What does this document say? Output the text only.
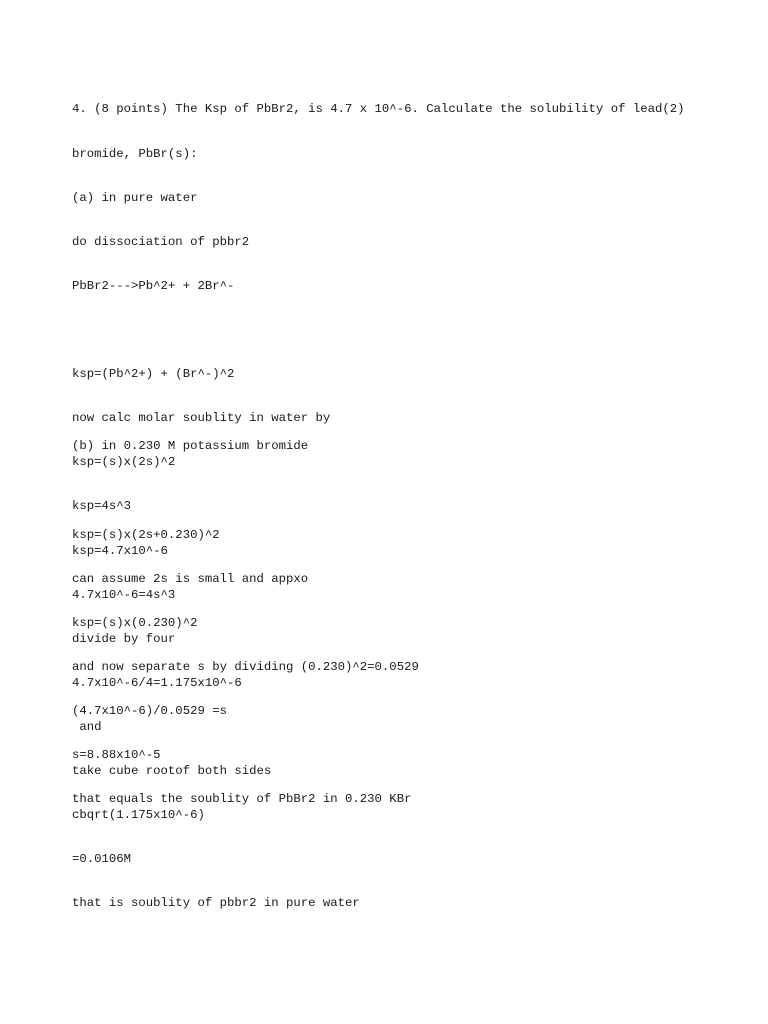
4. (8 points) The Ksp of PbBr2, is 4.7 x 10^-6. Calculate the solubility of lead(2)

bromide, PbBr(s):

(a) in pure water

do dissociation of pbbr2

PbBr2--->Pb^2+ + 2Br^-

ksp=(Pb^2+) + (Br^-)^2

now calc molar soublity in water by

ksp=(s)x(2s)^2

ksp=4s^3

ksp=4.7x10^-6

4.7x10^-6=4s^3

divide by four

4.7x10^-6/4=1.175x10^-6

and

take cube rootof both sides

cbqrt(1.175x10^-6)

=0.0106M

that is soublity of pbbr2 in pure water

(b) in 0.230 M potassium bromide

ksp=(s)x(2s+0.230)^2

can assume 2s is small and appxo

ksp=(s)x(0.230)^2

and now separate s by dividing (0.230)^2=0.0529

(4.7x10^-6)/0.0529 =s

s=8.88x10^-5

that equals the soublity of PbBr2 in 0.230 KBr
